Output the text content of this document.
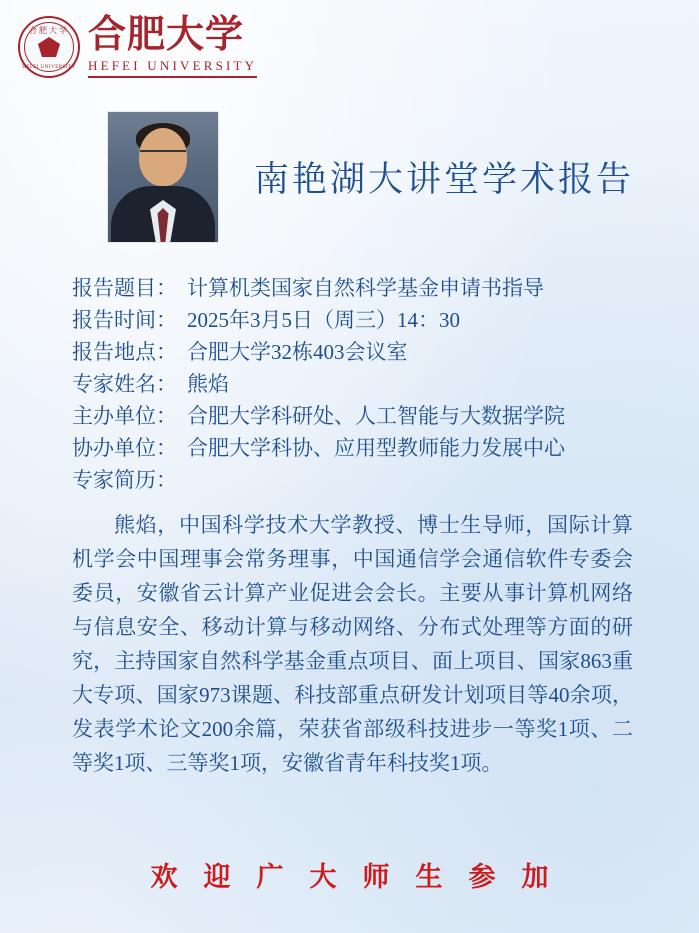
合肥大学
HEFEI UNIVERSITY
合肥大学
HEFEI UNIVERSITY
南艳湖大讲堂学术报告
报告题目： 计算机类国家自然科学基金申请书指导
报告时间： 2025年3月5日（周三）14：30
报告地点： 合肥大学32栋403会议室
专家姓名： 熊焰
主办单位： 合肥大学科研处、人工智能与大数据学院
协办单位： 合肥大学科协、应用型教师能力发展中心
专家简历：
熊焰，中国科学技术大学教授、博士生导师，国际计算机学会中国理事会常务理事，中国通信学会通信软件专委会委员，安徽省云计算产业促进会会长。主要从事计算机网络与信息安全、移动计算与移动网络、分布式处理等方面的研究，主持国家自然科学基金重点项目、面上项目、国家863重大专项、国家973课题、科技部重点研发计划项目等40余项，发表学术论文200余篇，荣获省部级科技进步一等奖1项、二等奖1项、三等奖1项，安徽省青年科技奖1项。
欢迎广大师生参加
